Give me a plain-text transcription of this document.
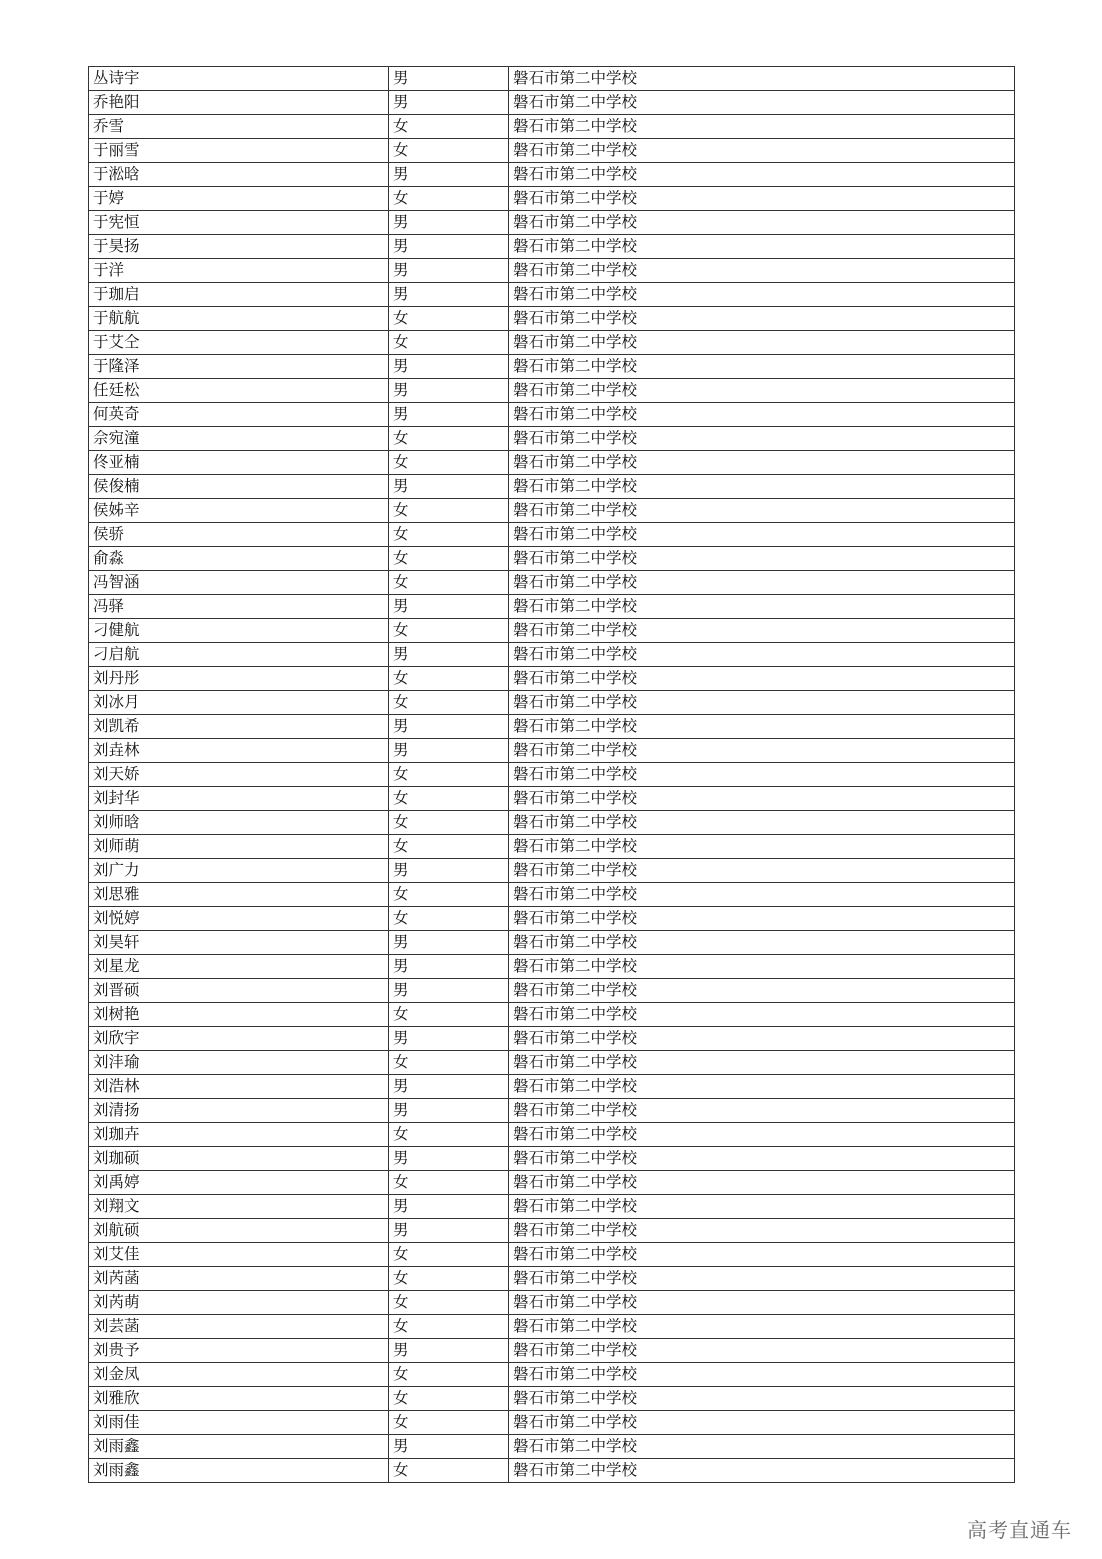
丛诗宇	男	磐石市第二中学校
乔艳阳	男	磐石市第二中学校
乔雪	女	磐石市第二中学校
于丽雪	女	磐石市第二中学校
于淞晗	男	磐石市第二中学校
于婷	女	磐石市第二中学校
于宪恒	男	磐石市第二中学校
于昊扬	男	磐石市第二中学校
于洋	男	磐石市第二中学校
于珈启	男	磐石市第二中学校
于航航	女	磐石市第二中学校
于艾仝	女	磐石市第二中学校
于隆泽	男	磐石市第二中学校
任廷松	男	磐石市第二中学校
何英奇	男	磐石市第二中学校
佘宛潼	女	磐石市第二中学校
佟亚楠	女	磐石市第二中学校
侯俊楠	男	磐石市第二中学校
侯姊辛	女	磐石市第二中学校
侯骄	女	磐石市第二中学校
俞淼	女	磐石市第二中学校
冯智涵	女	磐石市第二中学校
冯驿	男	磐石市第二中学校
刁健航	女	磐石市第二中学校
刁启航	男	磐石市第二中学校
刘丹彤	女	磐石市第二中学校
刘冰月	女	磐石市第二中学校
刘凯希	男	磐石市第二中学校
刘垚林	男	磐石市第二中学校
刘天娇	女	磐石市第二中学校
刘封华	女	磐石市第二中学校
刘师晗	女	磐石市第二中学校
刘师萌	女	磐石市第二中学校
刘广力	男	磐石市第二中学校
刘思雅	女	磐石市第二中学校
刘悦婷	女	磐石市第二中学校
刘昊轩	男	磐石市第二中学校
刘星龙	男	磐石市第二中学校
刘晋硕	男	磐石市第二中学校
刘树艳	女	磐石市第二中学校
刘欣宇	男	磐石市第二中学校
刘沣瑜	女	磐石市第二中学校
刘浩林	男	磐石市第二中学校
刘清扬	男	磐石市第二中学校
刘珈卉	女	磐石市第二中学校
刘珈硕	男	磐石市第二中学校
刘禹婷	女	磐石市第二中学校
刘翔文	男	磐石市第二中学校
刘航硕	男	磐石市第二中学校
刘艾佳	女	磐石市第二中学校
刘芮菡	女	磐石市第二中学校
刘芮萌	女	磐石市第二中学校
刘芸菡	女	磐石市第二中学校
刘贵予	男	磐石市第二中学校
刘金凤	女	磐石市第二中学校
刘雅欣	女	磐石市第二中学校
刘雨佳	女	磐石市第二中学校
刘雨鑫	男	磐石市第二中学校
刘雨鑫	女	磐石市第二中学校
高考直通车
